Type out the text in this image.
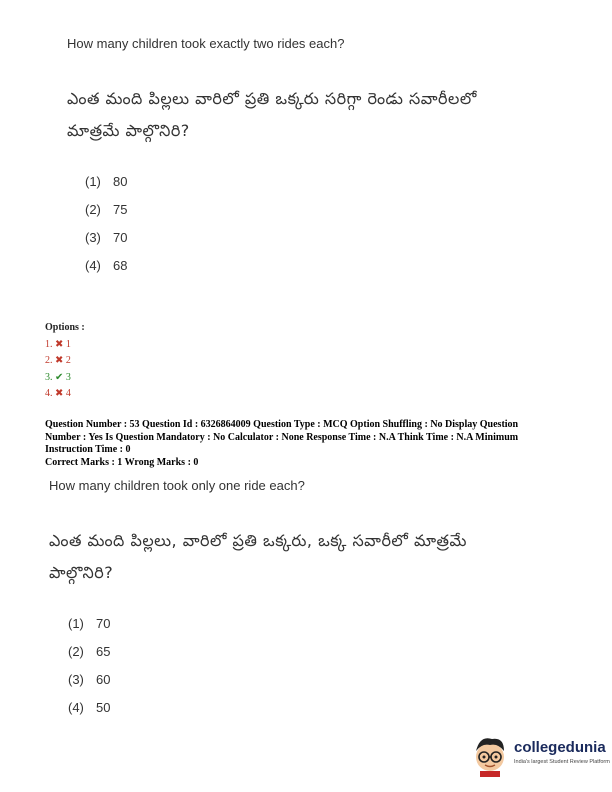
How many children took exactly two rides each?
ఎంత మంది పిల్లలు వారిలో ప్రతి ఒక్కరు సరిగ్గా రెండు సవారీలలో
మాత్రమే పాల్గొనిరి?
(1) 80
(2) 75
(3) 70
(4) 68
Options :
1. ✖ 1
2. ✖ 2
3. ✔ 3
4. ✖ 4
Question Number : 53 Question Id : 6326864009 Question Type : MCQ Option Shuffling : No Display Question
Number : Yes Is Question Mandatory : No Calculator : None Response Time : N.A Think Time : N.A Minimum
Instruction Time : 0
Correct Marks : 1 Wrong Marks : 0
How many children took only one ride each?
ఎంత మంది పిల్లలు, వారిలో ప్రతి ఒక్కరు, ఒక్క సవారీలో మాత్రమే
పాల్గొనిరి?
(1) 70
(2) 65
(3) 60
(4) 50
collegedunia
India's largest Student Review Platform
